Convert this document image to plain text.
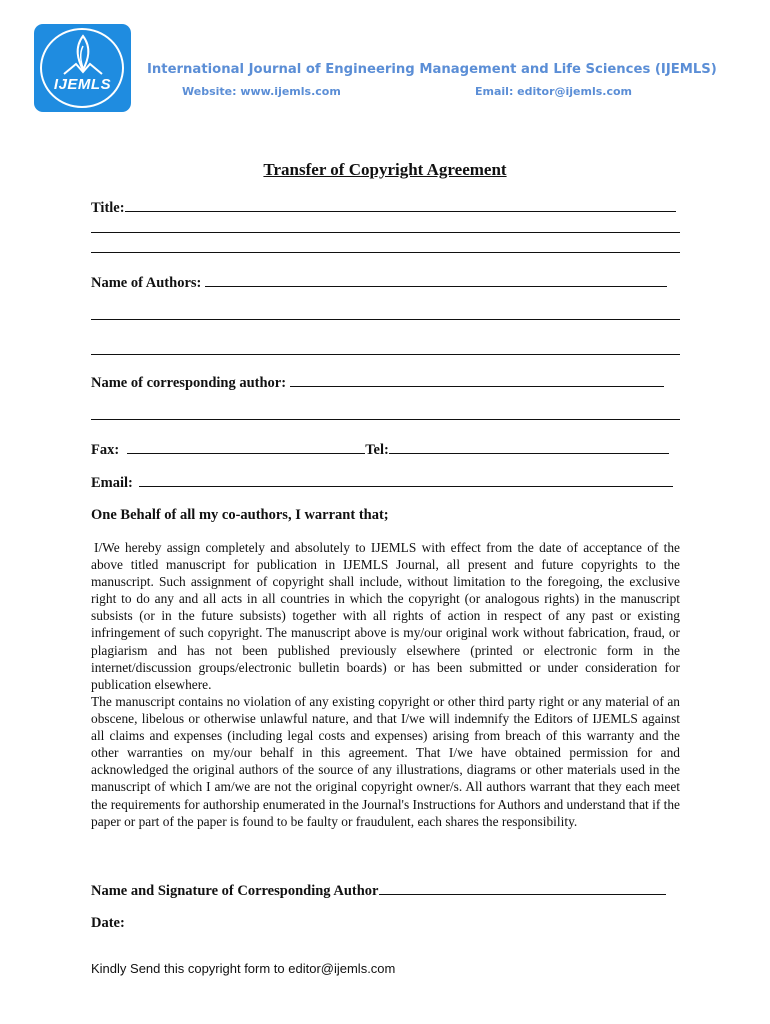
IJEMLS
International Journal of Engineering Management and Life Sciences (IJEMLS)
Website: www.ijemls.com	Email: editor@ijemls.com
Transfer of Copyright Agreement
Title:
Name of Authors:
Name of corresponding author:
Fax:	Tel:
Email:
One Behalf of all my co-authors, I warrant that;
I/We hereby assign completely and absolutely to IJEMLS with effect from the date of acceptance of the above titled manuscript for publication in IJEMLS Journal, all present and future copyrights to the manuscript. Such assignment of copyright shall include, without limitation to the foregoing, the exclusive right to do any and all acts in all countries in which the copyright (or analogous rights) in the manuscript subsists (or in the future subsists) together with all rights of action in respect of any past or existing infringement of such copyright. The manuscript above is my/our original work without fabrication, fraud, or plagiarism and has not been published previously elsewhere (printed or electronic form in the internet/discussion groups/electronic bulletin boards) or has been submitted or under consideration for publication elsewhere.
The manuscript contains no violation of any existing copyright or other third party right or any material of an obscene, libelous or otherwise unlawful nature, and that I/we will indemnify the Editors of IJEMLS against all claims and expenses (including legal costs and expenses) arising from breach of this warranty and the other warranties on my/our behalf in this agreement. That I/we have obtained permission for and acknowledged the original authors of the source of any illustrations, diagrams or other materials used in the manuscript of which I am/we are not the original copyright owner/s. All authors warrant that they each meet the requirements for authorship enumerated in the Journal's Instructions for Authors and understand that if the paper or part of the paper is found to be faulty or fraudulent, each shares the responsibility.
Name and Signature of Corresponding Author
Date:
Kindly Send this copyright form to editor@ijemls.com
